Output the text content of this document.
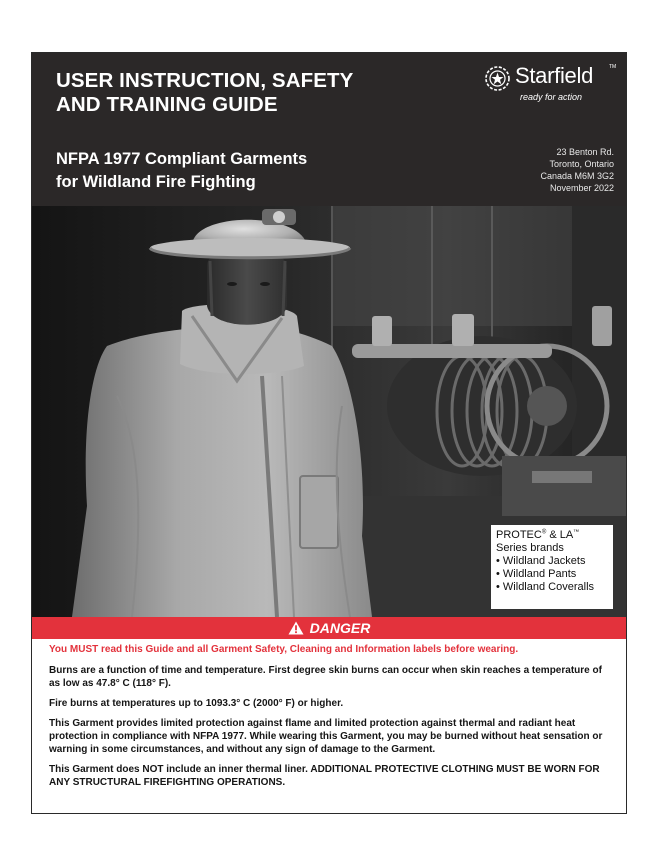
USER INSTRUCTION, SAFETY
AND TRAINING GUIDE
NFPA 1977 Compliant Garments
for Wildland Fire Fighting
Starfield	TM
ready for action
23 Benton Rd.
Toronto, Ontario
Canada M6M 3G2
November 2022
PROTEC® & LA™
Series brands
• Wildland Jackets
• Wildland Pants
• Wildland Coveralls
DANGER

You MUST read this Guide and all Garment Safety, Cleaning and Information labels before wearing.

Burns are a function of time and temperature. First degree skin burns can occur when skin reaches a temperature of as low as 47.8° C (118° F).

Fire burns at temperatures up to 1093.3° C (2000° F) or higher.

This Garment provides limited protection against flame and limited protection against thermal and radiant heat protection in compliance with NFPA 1977. While wearing this Garment, you may be burned without heat sensation or warning in some circumstances, and without any sign of damage to the Garment.

This Garment does NOT include an inner thermal liner. ADDITIONAL PROTECTIVE CLOTHING MUST BE WORN FOR ANY STRUCTURAL FIREFIGHTING OPERATIONS.
